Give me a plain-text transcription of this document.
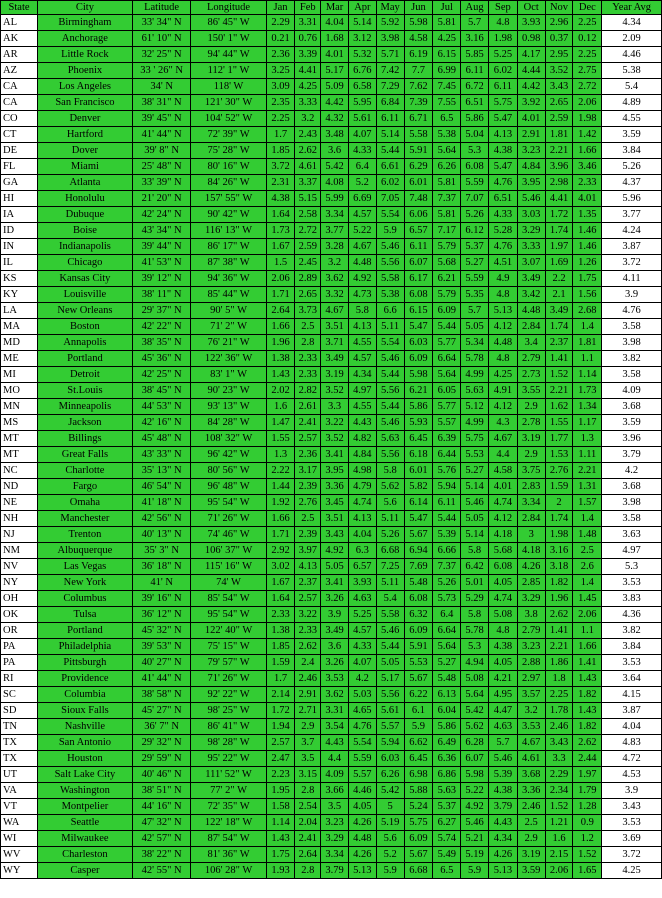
State	City	Latitude	Longitude	Jan	Feb	Mar	Apr	May	Jun	Jul	Aug	Sep	Oct	Nov	Dec	Year Avg
AL	Birmingham	33' 34" N	86' 45" W	2.29	3.31	4.04	5.14	5.92	5.98	5.81	5.7	4.8	3.93	2.96	2.25	4.34
AK	Anchorage	61' 10" N	150' 1" W	0.21	0.76	1.68	3.12	3.98	4.58	4.25	3.16	1.98	0.98	0.37	0.12	2.09
AR	Little Rock	32' 25" N	94' 44" W	2.36	3.39	4.01	5.32	5.71	6.19	6.15	5.85	5.25	4.17	2.95	2.25	4.46
AZ	Phoenix	33 ' 26" N	112' 1" W	3.25	4.41	5.17	6.76	7.42	7.7	6.99	6.11	6.02	4.44	3.52	2.75	5.38
CA	Los Angeles	34' N	118' W	3.09	4.25	5.09	6.58	7.29	7.62	7.45	6.72	6.11	4.42	3.43	2.72	5.4
CA	San Francisco	38' 31" N	121' 30" W	2.35	3.33	4.42	5.95	6.84	7.39	7.55	6.51	5.75	3.92	2.65	2.06	4.89
CO	Denver	39' 45" N	104' 52" W	2.25	3.2	4.32	5.61	6.11	6.71	6.5	5.86	5.47	4.01	2.59	1.98	4.55
CT	Hartford	41' 44" N	72' 39" W	1.7	2.43	3.48	4.07	5.14	5.58	5.38	5.04	4.13	2.91	1.81	1.42	3.59
DE	Dover	39' 8" N	75' 28" W	1.85	2.62	3.6	4.33	5.44	5.91	5.64	5.3	4.38	3.23	2.21	1.66	3.84
FL	Miami	25' 48" N	80' 16" W	3.72	4.61	5.42	6.4	6.61	6.29	6.26	6.08	5.47	4.84	3.96	3.46	5.26
GA	Atlanta	33' 39" N	84' 26" W	2.31	3.37	4.08	5.2	6.02	6.01	5.81	5.59	4.76	3.95	2.98	2.33	4.37
HI	Honolulu	21' 20" N	157' 55" W	4.38	5.15	5.99	6.69	7.05	7.48	7.37	7.07	6.51	5.46	4.41	4.01	5.96
IA	Dubuque	42' 24" N	90' 42" W	1.64	2.58	3.34	4.57	5.54	6.06	5.81	5.26	4.33	3.03	1.72	1.35	3.77
ID	Boise	43' 34" N	116' 13" W	1.73	2.72	3.77	5.22	5.9	6.57	7.17	6.12	5.28	3.29	1.74	1.46	4.24
IN	Indianapolis	39' 44" N	86' 17" W	1.67	2.59	3.28	4.67	5.46	6.11	5.79	5.37	4.76	3.33	1.97	1.46	3.87
IL	Chicago	41' 53" N	87' 38" W	1.5	2.45	3.2	4.48	5.56	6.07	5.68	5.27	4.51	3.07	1.69	1.26	3.72
KS	Kansas City	39' 12" N	94' 36" W	2.06	2.89	3.62	4.92	5.58	6.17	6.21	5.59	4.9	3.49	2.2	1.75	4.11
KY	Louisville	38' 11" N	85' 44" W	1.71	2.65	3.32	4.73	5.38	6.08	5.79	5.35	4.8	3.42	2.1	1.56	3.9
LA	New Orleans	29' 37" N	90' 5" W	2.64	3.73	4.67	5.8	6.6	6.15	6.09	5.7	5.13	4.48	3.49	2.68	4.76
MA	Boston	42' 22" N	71' 2" W	1.66	2.5	3.51	4.13	5.11	5.47	5.44	5.05	4.12	2.84	1.74	1.4	3.58
MD	Annapolis	38' 35" N	76' 21" W	1.96	2.8	3.71	4.55	5.54	6.03	5.77	5.34	4.48	3.4	2.37	1.81	3.98
ME	Portland	45' 36" N	122' 36" W	1.38	2.33	3.49	4.57	5.46	6.09	6.64	5.78	4.8	2.79	1.41	1.1	3.82
MI	Detroit	42' 25" N	83' 1" W	1.43	2.33	3.19	4.34	5.44	5.98	5.64	4.99	4.25	2.73	1.52	1.14	3.58
MO	St.Louis	38' 45" N	90' 23" W	2.02	2.82	3.52	4.97	5.56	6.21	6.05	5.63	4.91	3.55	2.21	1.73	4.09
MN	Minneapolis	44' 53" N	93' 13" W	1.6	2.61	3.3	4.55	5.44	5.86	5.77	5.12	4.12	2.9	1.62	1.34	3.68
MS	Jackson	42' 16" N	84' 28" W	1.47	2.41	3.22	4.43	5.46	5.93	5.57	4.99	4.3	2.78	1.55	1.17	3.59
MT	Billings	45' 48" N	108' 32" W	1.55	2.57	3.52	4.82	5.63	6.45	6.39	5.75	4.67	3.19	1.77	1.3	3.96
MT	Great Falls	43' 33" N	96' 42" W	1.3	2.36	3.41	4.84	5.56	6.18	6.44	5.53	4.4	2.9	1.53	1.11	3.79
NC	Charlotte	35' 13" N	80' 56" W	2.22	3.17	3.95	4.98	5.8	6.01	5.76	5.27	4.58	3.75	2.76	2.21	4.2
ND	Fargo	46' 54" N	96' 48" W	1.44	2.39	3.36	4.79	5.62	5.82	5.94	5.14	4.01	2.83	1.59	1.31	3.68
NE	Omaha	41' 18" N	95' 54" W	1.92	2.76	3.45	4.74	5.6	6.14	6.11	5.46	4.74	3.34	2	1.57	3.98
NH	Manchester	42' 56" N	71' 26" W	1.66	2.5	3.51	4.13	5.11	5.47	5.44	5.05	4.12	2.84	1.74	1.4	3.58
NJ	Trenton	40' 13" N	74' 46" W	1.71	2.39	3.43	4.04	5.26	5.67	5.39	5.14	4.18	3	1.98	1.48	3.63
NM	Albuquerque	35' 3" N	106' 37" W	2.92	3.97	4.92	6.3	6.68	6.94	6.66	5.8	5.68	4.18	3.16	2.5	4.97
NV	Las Vegas	36' 18" N	115' 16" W	3.02	4.13	5.05	6.57	7.25	7.69	7.37	6.42	6.08	4.26	3.18	2.6	5.3
NY	New York	41' N	74' W	1.67	2.37	3.41	3.93	5.11	5.48	5.26	5.01	4.05	2.85	1.82	1.4	3.53
OH	Columbus	39' 16" N	85' 54" W	1.64	2.57	3.26	4.63	5.4	6.08	5.73	5.29	4.74	3.29	1.96	1.45	3.83
OK	Tulsa	36' 12" N	95' 54" W	2.33	3.22	3.9	5.25	5.58	6.32	6.4	5.8	5.08	3.8	2.62	2.06	4.36
OR	Portland	45' 32" N	122' 40" W	1.38	2.33	3.49	4.57	5.46	6.09	6.64	5.78	4.8	2.79	1.41	1.1	3.82
PA	Philadelphia	39' 53" N	75' 15" W	1.85	2.62	3.6	4.33	5.44	5.91	5.64	5.3	4.38	3.23	2.21	1.66	3.84
PA	Pittsburgh	40' 27" N	79' 57" W	1.59	2.4	3.26	4.07	5.05	5.53	5.27	4.94	4.05	2.88	1.86	1.41	3.53
RI	Providence	41' 44" N	71' 26" W	1.7	2.46	3.53	4.2	5.17	5.67	5.48	5.08	4.21	2.97	1.8	1.43	3.64
SC	Columbia	38' 58" N	92' 22" W	2.14	2.91	3.62	5.03	5.56	6.22	6.13	5.64	4.95	3.57	2.25	1.82	4.15
SD	Sioux Falls	45' 27" N	98' 25" W	1.72	2.71	3.31	4.65	5.61	6.1	6.04	5.42	4.47	3.2	1.78	1.43	3.87
TN	Nashville	36' 7" N	86' 41" W	1.94	2.9	3.54	4.76	5.57	5.9	5.86	5.62	4.63	3.53	2.46	1.82	4.04
TX	San Antonio	29' 32" N	98' 28" W	2.57	3.7	4.43	5.54	5.94	6.62	6.49	6.28	5.7	4.67	3.43	2.62	4.83
TX	Houston	29' 59" N	95' 22" W	2.47	3.5	4.4	5.59	6.03	6.45	6.36	6.07	5.46	4.61	3.3	2.44	4.72
UT	Salt Lake City	40' 46" N	111' 52" W	2.23	3.15	4.09	5.57	6.26	6.98	6.86	5.98	5.39	3.68	2.29	1.97	4.53
VA	Washington	38' 51" N	77' 2" W	1.95	2.8	3.66	4.46	5.42	5.88	5.63	5.22	4.38	3.36	2.34	1.79	3.9
VT	Montpelier	44' 16" N	72' 35" W	1.58	2.54	3.5	4.05	5	5.24	5.37	4.92	3.79	2.46	1.52	1.28	3.43
WA	Seattle	47' 32" N	122' 18" W	1.14	2.04	3.23	4.26	5.19	5.75	6.27	5.46	4.43	2.5	1.21	0.9	3.53
WI	Milwaukee	42' 57" N	87' 54" W	1.43	2.41	3.29	4.48	5.6	6.09	5.74	5.21	4.34	2.9	1.6	1.2	3.69
WV	Charleston	38' 22" N	81' 36" W	1.75	2.64	3.34	4.26	5.2	5.67	5.49	5.19	4.26	3.19	2.15	1.52	3.72
WY	Casper	42' 55" N	106' 28" W	1.93	2.8	3.79	5.13	5.9	6.68	6.5	5.9	5.13	3.59	2.06	1.65	4.25
